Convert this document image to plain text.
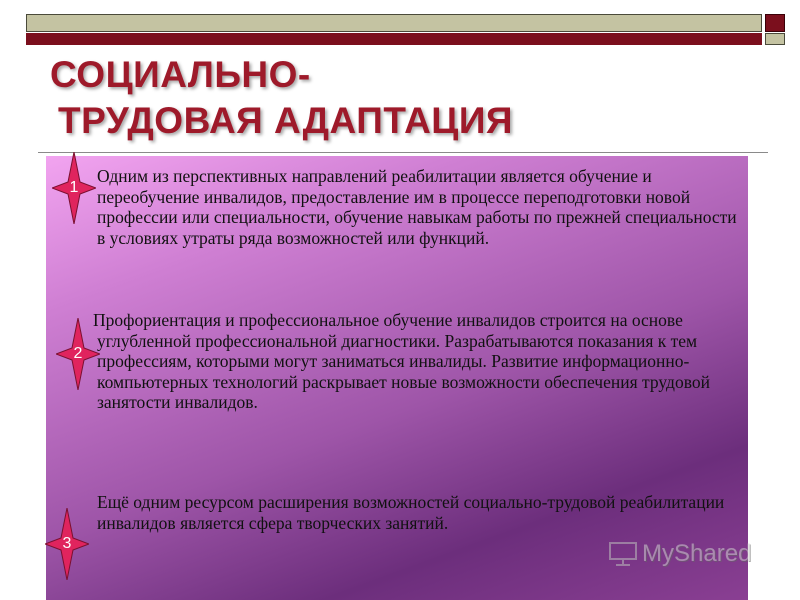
СОЦИАЛЬНО-
ТРУДОВАЯ АДАПТАЦИЯ

Одним из перспективных направлений реабилитации является обучение и переобучение инвалидов, предоставление им в процессе переподготовки новой профессии или специальности, обучение навыкам работы по прежней специальности в условиях утраты ряда возможностей или функций.

Профориентация и профессиональное обучение инвалидов строится на основе углубленной профессиональной диагностики. Разрабатываются показания к тем профессиям, которыми могут заниматься инвалиды. Развитие информационно-компьютерных технологий раскрывает новые возможности обеспечения трудовой занятости инвалидов.

Ещё одним ресурсом расширения возможностей социально-трудовой реабилитации инвалидов является сфера творческих занятий.

1
2
3	MyShared
